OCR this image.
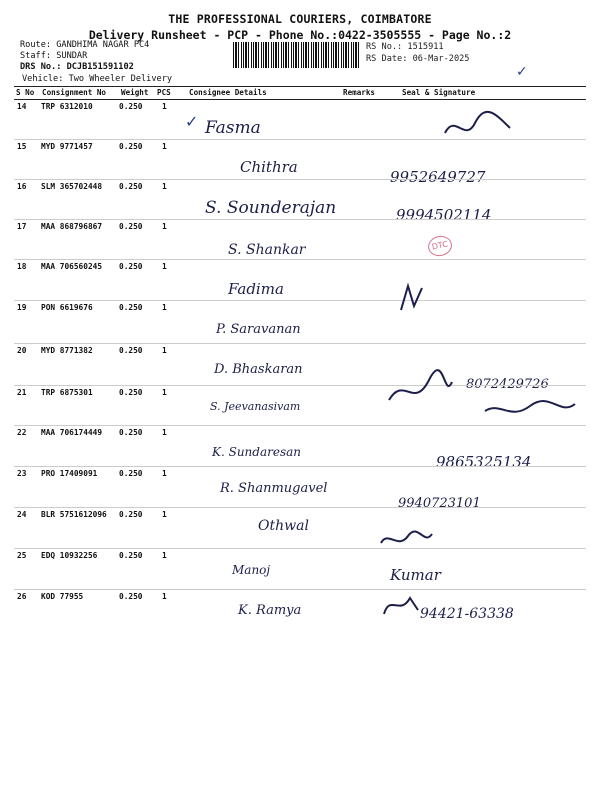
THE PROFESSIONAL COURIERS, COIMBATORE
Delivery Runsheet - PCP - Phone No.:0422-3505555 - Page No.:2
Route: GANDHIMA NAGAR PC4
Staff: SUNDAR
DRS No.: DCJB151591102
Vehicle: Two Wheeler Delivery
RS No.: 1515911
RS Date: 06-Mar-2025
S No Consignment No Weight PCS Consignee Details	Remarks	Seal & Signature
14 TRP 6312010	0.250	1
Fasma
15 MYD 9771457	0.250	1
Chithra
9952649727
16 SLM 365702448 0.250	1
S. Sounderajan	9994502114
17 MAA 868796867 0.250	1
S. Shankar
18 MAA 706560245 0.250	1
Fadima
19 PON 6619676	0.250	1
P. Saravanan
20 MYD 8771382	0.250	1
D. Bhaskaran
8072429726
21 TRP 6875301	0.250	1
S. Jeevanasivam
22 MAA 706174449 0.250	1
K. Sundaresan
9865325134
23 PRO 17409091	0.250	1
R. Shanmugavel
9940723101
24 BLR 5751612096 0.250	1
Othwal
25 EDQ 10932256	0.250	1
Manoj	Kumar
26 KOD 77955	0.250	1
K. Ramya	94421-63338
DTC
✓
✓
